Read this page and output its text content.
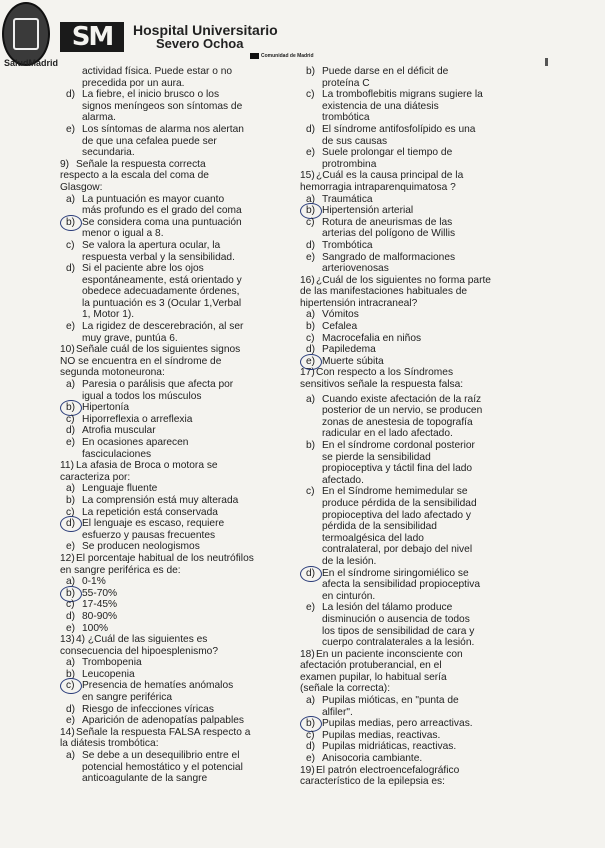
SM
SaludMadrid
Hospital Universitario
Severo Ochoa
Comunidad de Madrid
actividad física. Puede estar o no
precedida por un aura.
d) La fiebre, el inicio brusco o los
signos meníngeos son síntomas de
alarma.
e) Los síntomas de alarma nos alertan
de que una cefalea puede ser
secundaria.
9) Señale la respuesta correcta
respecto a la escala del coma de
Glasgow:
a) La puntuación es mayor cuanto
más profundo es el grado del coma
b) Se considera coma una puntuación
menor o igual a 8.
c) Se valora la apertura ocular, la
respuesta verbal y la sensibilidad.
d) Si el paciente abre los ojos
espontáneamente, está orientado y
obedece adecuadamente órdenes,
la puntuación es 3 (Ocular 1,Verbal
1, Motor 1).
e) La rigidez de descerebración, al ser
muy grave, puntúa 6.
10)Señale cuál de los siguientes signos
NO se encuentra en el síndrome de
segunda motoneurona:
a) Paresia o parálisis que afecta por
igual a todos los músculos
b) Hipertonía
c) Hiporreflexia o arreflexia
d) Atrofia muscular
e) En ocasiones aparecen
fasciculaciones
11) La afasia de Broca o motora se
caracteriza por:
a) Lenguaje fluente
b) La comprensión está muy alterada
c) La repetición está conservada
d) El lenguaje es escaso, requiere
esfuerzo y pausas frecuentes
e) Se producen neologismos
12)El porcentaje habitual de los neutrófilos
en sangre periférica es de:
a) 0-1%
b) 55-70%
c) 17-45%
d) 80-90%
e) 100%
13)4) ¿Cuál de las siguientes es
consecuencia del hipoesplenismo?
a) Trombopenia
b) Leucopenia
c) Presencia de hematíes anómalos
en sangre periférica
d) Riesgo de infecciones víricas
e) Aparición de adenopatías palpables
14)Señale la respuesta FALSA respecto a
la diátesis trombótica:
a) Se debe a un desequilibrio entre el
potencial hemostático y el potencial
anticoagulante de la sangre
b) Puede darse en el déficit de
proteína C
c) La tromboflebitis migrans sugiere la
existencia de una diátesis
trombótica
d) El síndrome antifosfolípido es una
de sus causas
e) Suele prolongar el tiempo de
protrombina
15)¿Cuál es la causa principal de la
hemorragia intraparenquimatosa ?
a) Traumática
b) Hipertensión arterial
c) Rotura de aneurismas de las
arterias del polígono de Willis
d) Trombótica
e) Sangrado de malformaciones
arteriovenosas
16)¿Cuál de los siguientes no forma parte
de las manifestaciones habituales de
hipertensión intracraneal?
a) Vómitos
b) Cefalea
c) Macrocefalia en niños
d) Papiledema
e) Muerte súbita
17)Con respecto a los Síndromes
sensitivos señale la respuesta falsa:
a) Cuando existe afectación de la raíz
posterior de un nervio, se producen
zonas de anestesia de topografía
radicular en el lado afectado.
b) En el síndrome cordonal posterior
se pierde la sensibilidad
propioceptiva y táctil fina del lado
afectado.
c) En el Síndrome hemimedular se
produce pérdida de la sensibilidad
propioceptiva del lado afectado y
pérdida de la sensibilidad
termoalgésica del lado
contralateral, por debajo del nivel
de la lesión.
d) En el síndrome siringomiélico se
afecta la sensibilidad propioceptiva
en cinturón.
e) La lesión del tálamo produce
disminución o ausencia de todos
los tipos de sensibilidad de cara y
cuerpo contralaterales a la lesión.
18)En un paciente inconsciente con
afectación protuberancial, en el
examen pupilar, lo habitual sería
(señale la correcta):
a) Pupilas mióticas, en "punta de
alfiler".
b) Pupilas medias, pero arreactivas.
c) Pupilas medias, reactivas.
d) Pupilas midriáticas, reactivas.
e) Anisocoria cambiante.
19)El patrón electroencefalográfico
característico de la epilepsia es:
